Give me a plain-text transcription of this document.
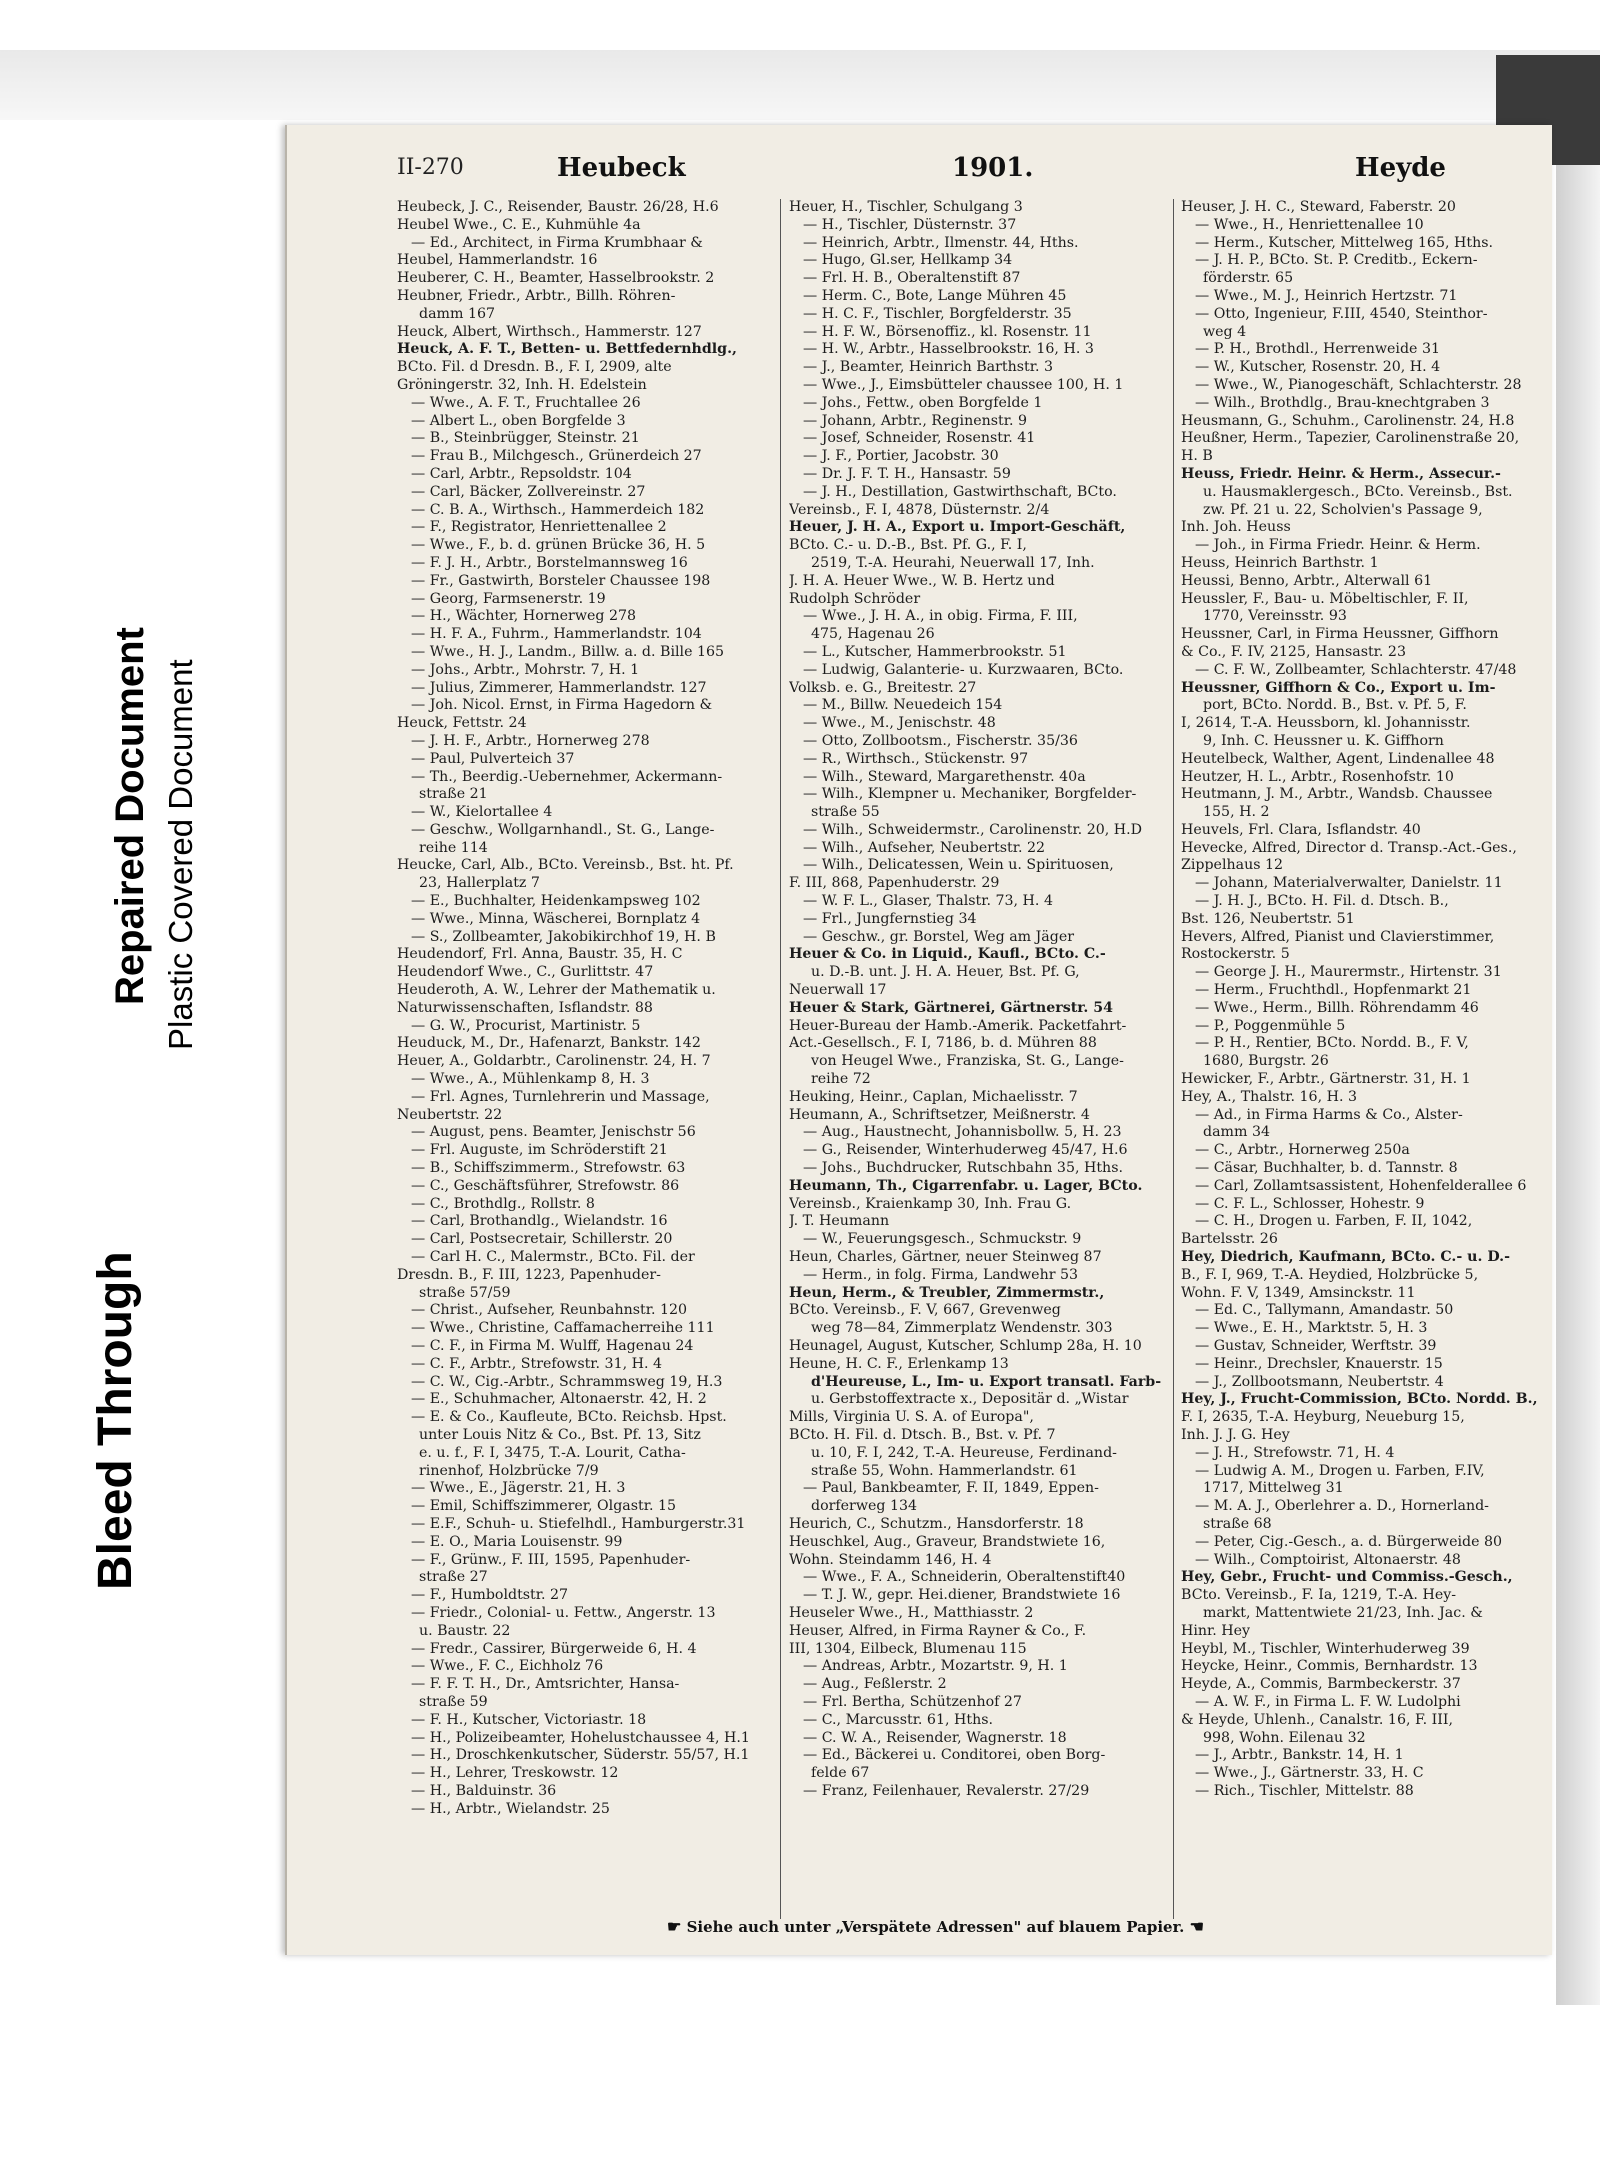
Bleed Through
Repaired Document Plastic Covered Document
II-270	Heubeck	1901.	Heyde
Heubeck, J. C., Reisender, Baustr. 26/28, H.6
Heubel Wwe., C. E., Kuhmühle 4a
— Ed., Architect, in Firma Krumbhaar &
Heubel, Hammerlandstr. 16
Heuberer, C. H., Beamter, Hasselbrookstr. 2
Heubner, Friedr., Arbtr., Billh. Röhren-
damm 167
Heuck, Albert, Wirthsch., Hammerstr. 127
Heuck, A. F. T., Betten- u. Bettfedernhdlg.,
BCto. Fil. d Dresdn. B., F. I, 2909, alte
Gröningerstr. 32, Inh. H. Edelstein
— Wwe., A. F. T., Fruchtallee 26
— Albert L., oben Borgfelde 3
— B., Steinbrügger, Steinstr. 21
— Frau B., Milchgesch., Grünerdeich 27
— Carl, Arbtr., Repsoldstr. 104
— Carl, Bäcker, Zollvereinstr. 27
— C. B. A., Wirthsch., Hammerdeich 182
— F., Registrator, Henriettenallee 2
— Wwe., F., b. d. grünen Brücke 36, H. 5
— F. J. H., Arbtr., Borstelmannsweg 16
— Fr., Gastwirth, Borsteler Chaussee 198
— Georg, Farmsenerstr. 19
— H., Wächter, Hornerweg 278
— H. F. A., Fuhrm., Hammerlandstr. 104
— Wwe., H. J., Landm., Billw. a. d. Bille 165
— Johs., Arbtr., Mohrstr. 7, H. 1
— Julius, Zimmerer, Hammerlandstr. 127
— Joh. Nicol. Ernst, in Firma Hagedorn &
Heuck, Fettstr. 24
— J. H. F., Arbtr., Hornerweg 278
— Paul, Pulverteich 37
— Th., Beerdig.-Uebernehmer, Ackermann-
straße 21
— W., Kielortallee 4
— Geschw., Wollgarnhandl., St. G., Lange-
reihe 114
Heucke, Carl, Alb., BCto. Vereinsb., Bst. ht. Pf.
23, Hallerplatz 7
— E., Buchhalter, Heidenkampsweg 102
— Wwe., Minna, Wäscherei, Bornplatz 4
— S., Zollbeamter, Jakobikirchhof 19, H. B
Heudendorf, Frl. Anna, Baustr. 35, H. C
Heudendorf Wwe., C., Gurlittstr. 47
Heuderoth, A. W., Lehrer der Mathematik u.
Naturwissenschaften, Isflandstr. 88
— G. W., Procurist, Martinistr. 5
Heuduck, M., Dr., Hafenarzt, Bankstr. 142
Heuer, A., Goldarbtr., Carolinenstr. 24, H. 7
— Wwe., A., Mühlenkamp 8, H. 3
— Frl. Agnes, Turnlehrerin und Massage,
Neubertstr. 22
— August, pens. Beamter, Jenischstr 56
— Frl. Auguste, im Schröderstift 21
— B., Schiffszimmerm., Strefowstr. 63
— C., Geschäftsführer, Strefowstr. 86
— C., Brothdlg., Rollstr. 8
— Carl, Brothandlg., Wielandstr. 16
— Carl, Postsecretair, Schillerstr. 20
— Carl H. C., Malermstr., BCto. Fil. der
Dresdn. B., F. III, 1223, Papenhuder-
straße 57/59
— Christ., Aufseher, Reunbahnstr. 120
— Wwe., Christine, Caffamacherreihe 111
— C. F., in Firma M. Wulff, Hagenau 24
— C. F., Arbtr., Strefowstr. 31, H. 4
— C. W., Cig.-Arbtr., Schrammsweg 19, H.3
— E., Schuhmacher, Altonaerstr. 42, H. 2
— E. & Co., Kaufleute, BCto. Reichsb. Hpst.
unter Louis Nitz & Co., Bst. Pf. 13, Sitz
e. u. f., F. I, 3475, T.-A. Lourit, Catha-
rinenhof, Holzbrücke 7/9
— Wwe., E., Jägerstr. 21, H. 3
— Emil, Schiffszimmerer, Olgastr. 15
— E.F., Schuh- u. Stiefelhdl., Hamburgerstr.31
— E. O., Maria Louisenstr. 99
— F., Grünw., F. III, 1595, Papenhuder-
straße 27
— F., Humboldtstr. 27
— Friedr., Colonial- u. Fettw., Angerstr. 13
u. Baustr. 22
— Fredr., Cassirer, Bürgerweide 6, H. 4
— Wwe., F. C., Eichholz 76
— F. F. T. H., Dr., Amtsrichter, Hansa-
straße 59
— F. H., Kutscher, Victoriastr. 18
— H., Polizeibeamter, Hohelustchaussee 4, H.1
— H., Droschkenkutscher, Süderstr. 55/57, H.1
— H., Lehrer, Treskowstr. 12
— H., Balduinstr. 36
— H., Arbtr., Wielandstr. 25
Heuer, H., Tischler, Schulgang 3
— H., Tischler, Düsternstr. 37
— Heinrich, Arbtr., Ilmenstr. 44, Hths.
— Hugo, Gl.ser, Hellkamp 34
— Frl. H. B., Oberaltenstift 87
— Herm. C., Bote, Lange Mühren 45
— H. C. F., Tischler, Borgfelderstr. 35
— H. F. W., Börsenoffiz., kl. Rosenstr. 11
— H. W., Arbtr., Hasselbrookstr. 16, H. 3
— J., Beamter, Heinrich Barthstr. 3
— Wwe., J., Eimsbütteler chaussee 100, H. 1
— Johs., Fettw., oben Borgfelde 1
— Johann, Arbtr., Reginenstr. 9
— Josef, Schneider, Rosenstr. 41
— J. F., Portier, Jacobstr. 30
— Dr. J. F. T. H., Hansastr. 59
— J. H., Destillation, Gastwirthschaft, BCto.
Vereinsb., F. I, 4878, Düsternstr. 2/4
Heuer, J. H. A., Export u. Import-Geschäft,
BCto. C.- u. D.-B., Bst. Pf. G., F. I,
2519, T.-A. Heurahi, Neuerwall 17, Inh.
J. H. A. Heuer Wwe., W. B. Hertz und
Rudolph Schröder
— Wwe., J. H. A., in obig. Firma, F. III,
475, Hagenau 26
— L., Kutscher, Hammerbrookstr. 51
— Ludwig, Galanterie- u. Kurzwaaren, BCto.
Volksb. e. G., Breitestr. 27
— M., Billw. Neuedeich 154
— Wwe., M., Jenischstr. 48
— Otto, Zollbootsm., Fischerstr. 35/36
— R., Wirthsch., Stückenstr. 97
— Wilh., Steward, Margarethenstr. 40a
— Wilh., Klempner u. Mechaniker, Borgfelder-
straße 55
— Wilh., Schweidermstr., Carolinenstr. 20, H.D
— Wilh., Aufseher, Neubertstr. 22
— Wilh., Delicatessen, Wein u. Spirituosen,
F. III, 868, Papenhuderstr. 29
— W. F. L., Glaser, Thalstr. 73, H. 4
— Frl., Jungfernstieg 34
— Geschw., gr. Borstel, Weg am Jäger
Heuer & Co. in Liquid., Kaufl., BCto. C.-
u. D.-B. unt. J. H. A. Heuer, Bst. Pf. G,
Neuerwall 17
Heuer & Stark, Gärtnerei, Gärtnerstr. 54
Heuer-Bureau der Hamb.-Amerik. Packetfahrt-
Act.-Gesellsch., F. I, 7186, b. d. Mühren 88
von Heugel Wwe., Franziska, St. G., Lange-
reihe 72
Heuking, Heinr., Caplan, Michaelisstr. 7
Heumann, A., Schriftsetzer, Meißnerstr. 4
— Aug., Haustnecht, Johannisbollw. 5, H. 23
— G., Reisender, Winterhuderweg 45/47, H.6
— Johs., Buchdrucker, Rutschbahn 35, Hths.
Heumann, Th., Cigarrenfabr. u. Lager, BCto.
Vereinsb., Kraienkamp 30, Inh. Frau G.
J. T. Heumann
— W., Feuerungsgesch., Schmuckstr. 9
Heun, Charles, Gärtner, neuer Steinweg 87
— Herm., in folg. Firma, Landwehr 53
Heun, Herm., & Treubler, Zimmermstr.,
BCto. Vereinsb., F. V, 667, Grevenweg
weg 78—84, Zimmerplatz Wendenstr. 303
Heunagel, August, Kutscher, Schlump 28a, H. 10
Heune, H. C. F., Erlenkamp 13
d'Heureuse, L., Im- u. Export transatl. Farb-
u. Gerbstoffextracte x., Depositär d. „Wistar
Mills, Virginia U. S. A. of Europa",
BCto. H. Fil. d. Dtsch. B., Bst. v. Pf. 7
u. 10, F. I, 242, T.-A. Heureuse, Ferdinand-
straße 55, Wohn. Hammerlandstr. 61
— Paul, Bankbeamter, F. II, 1849, Eppen-
dorferweg 134
Heurich, C., Schutzm., Hansdorferstr. 18
Heuschkel, Aug., Graveur, Brandstwiete 16,
Wohn. Steindamm 146, H. 4
— Wwe., F. A., Schneiderin, Oberaltenstift40
— T. J. W., gepr. Hei.diener, Brandstwiete 16
Heuseler Wwe., H., Matthiasstr. 2
Heuser, Alfred, in Firma Rayner & Co., F.
III, 1304, Eilbeck, Blumenau 115
— Andreas, Arbtr., Mozartstr. 9, H. 1
— Aug., Feßlerstr. 2
— Frl. Bertha, Schützenhof 27
— C., Marcusstr. 61, Hths.
— C. W. A., Reisender, Wagnerstr. 18
— Ed., Bäckerei u. Conditorei, oben Borg-
felde 67
— Franz, Feilenhauer, Revalerstr. 27/29
Heuser, J. H. C., Steward, Faberstr. 20
— Wwe., H., Henriettenallee 10
— Herm., Kutscher, Mittelweg 165, Hths.
— J. H. P., BCto. St. P. Creditb., Eckern-
förderstr. 65
— Wwe., M. J., Heinrich Hertzstr. 71
— Otto, Ingenieur, F.III, 4540, Steinthor-
weg 4
— P. H., Brothdl., Herrenweide 31
— W., Kutscher, Rosenstr. 20, H. 4
— Wwe., W., Pianogeschäft, Schlachterstr. 28
— Wilh., Brothdlg., Brau-knechtgraben 3
Heusmann, G., Schuhm., Carolinenstr. 24, H.8
Heußner, Herm., Tapezier, Carolinenstraße 20,
H. B
Heuss, Friedr. Heinr. & Herm., Assecur.-
u. Hausmaklergesch., BCto. Vereinsb., Bst.
zw. Pf. 21 u. 22, Scholvien's Passage 9,
Inh. Joh. Heuss
— Joh., in Firma Friedr. Heinr. & Herm.
Heuss, Heinrich Barthstr. 1
Heussi, Benno, Arbtr., Alterwall 61
Heussler, F., Bau- u. Möbeltischler, F. II,
1770, Vereinsstr. 93
Heussner, Carl, in Firma Heussner, Giffhorn
& Co., F. IV, 2125, Hansastr. 23
— C. F. W., Zollbeamter, Schlachterstr. 47/48
Heussner, Giffhorn & Co., Export u. Im-
port, BCto. Nordd. B., Bst. v. Pf. 5, F.
I, 2614, T.-A. Heussborn, kl. Johannisstr.
9, Inh. C. Heussner u. K. Giffhorn
Heutelbeck, Walther, Agent, Lindenallee 48
Heutzer, H. L., Arbtr., Rosenhofstr. 10
Heutmann, J. M., Arbtr., Wandsb. Chaussee
155, H. 2
Heuvels, Frl. Clara, Isflandstr. 40
Hevecke, Alfred, Director d. Transp.-Act.-Ges.,
Zippelhaus 12
— Johann, Materialverwalter, Danielstr. 11
— J. H. J., BCto. H. Fil. d. Dtsch. B.,
Bst. 126, Neubertstr. 51
Hevers, Alfred, Pianist und Clavierstimmer,
Rostockerstr. 5
— George J. H., Maurermstr., Hirtenstr. 31
— Herm., Fruchthdl., Hopfenmarkt 21
— Wwe., Herm., Billh. Röhrendamm 46
— P., Poggenmühle 5
— P. H., Rentier, BCto. Nordd. B., F. V,
1680, Burgstr. 26
Hewicker, F., Arbtr., Gärtnerstr. 31, H. 1
Hey, A., Thalstr. 16, H. 3
— Ad., in Firma Harms & Co., Alster-
damm 34
— C., Arbtr., Hornerweg 250a
— Cäsar, Buchhalter, b. d. Tannstr. 8
— Carl, Zollamtsassistent, Hohenfelderallee 6
— C. F. L., Schlosser, Hohestr. 9
— C. H., Drogen u. Farben, F. II, 1042,
Bartelsstr. 26
Hey, Diedrich, Kaufmann, BCto. C.- u. D.-
B., F. I, 969, T.-A. Heydied, Holzbrücke 5,
Wohn. F. V, 1349, Amsinckstr. 11
— Ed. C., Tallymann, Amandastr. 50
— Wwe., E. H., Marktstr. 5, H. 3
— Gustav, Schneider, Werftstr. 39
— Heinr., Drechsler, Knauerstr. 15
— J., Zollbootsmann, Neubertstr. 4
Hey, J., Frucht-Commission, BCto. Nordd. B.,
F. I, 2635, T.-A. Heyburg, Neueburg 15,
Inh. J. J. G. Hey
— J. H., Strefowstr. 71, H. 4
— Ludwig A. M., Drogen u. Farben, F.IV,
1717, Mittelweg 31
— M. A. J., Oberlehrer a. D., Hornerland-
straße 68
— Peter, Cig.-Gesch., a. d. Bürgerweide 80
— Wilh., Comptoirist, Altonaerstr. 48
Hey, Gebr., Frucht- und Commiss.-Gesch.,
BCto. Vereinsb., F. Ia, 1219, T.-A. Hey-
markt, Mattentwiete 21/23, Inh. Jac. &
Hinr. Hey
Heybl, M., Tischler, Winterhuderweg 39
Heycke, Heinr., Commis, Bernhardstr. 13
Heyde, A., Commis, Barmbeckerstr. 37
— A. W. F., in Firma L. F. W. Ludolphi
& Heyde, Uhlenh., Canalstr. 16, F. III,
998, Wohn. Eilenau 32
— J., Arbtr., Bankstr. 14, H. 1
— Wwe., J., Gärtnerstr. 33, H. C
— Rich., Tischler, Mittelstr. 88
☛ Siehe auch unter „Verspätete Adressen" auf blauem Papier. ☚
